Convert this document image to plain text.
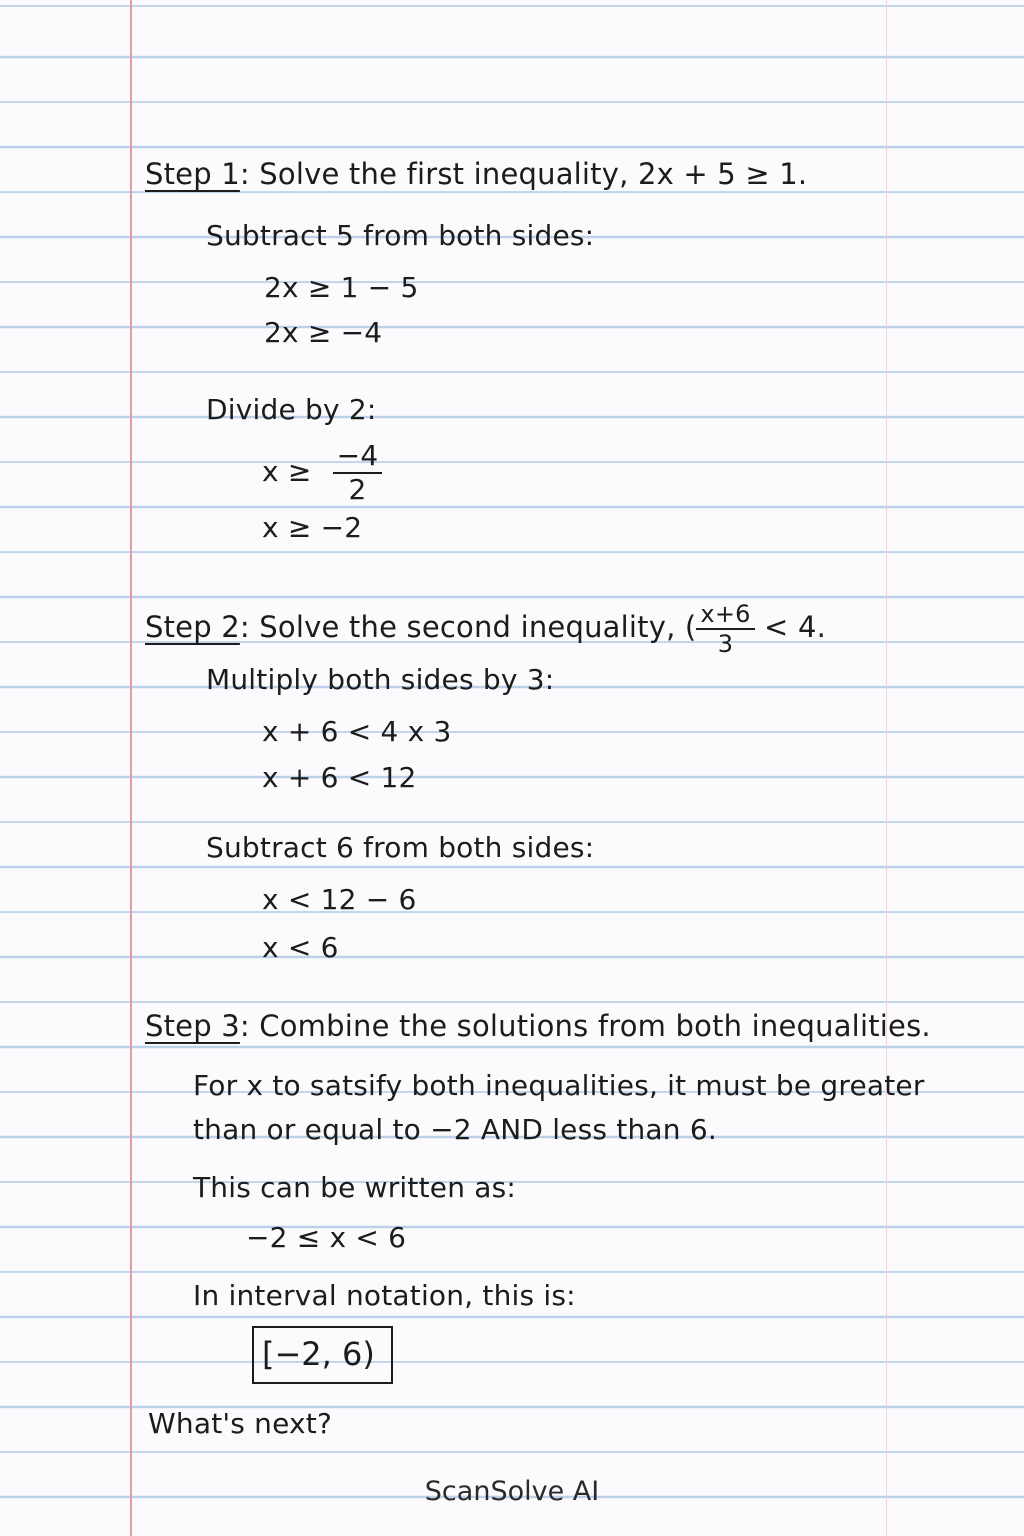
Step 1: Solve the first inequality, 2x + 5 ≥ 1.
Subtract 5 from both sides:
2x ≥ 1 − 5
2x ≥ −4
Divide by 2:
$x \ge \frac{-4}{2}$
x ≥ −2
Step 2: Solve the second inequality, ( $\frac{x+6}{3} < 4$.
Multiply both sides by 3:
x + 6 < 4 x 3
x + 6 < 12
Subtract 6 from both sides:
x < 12 − 6
x < 6
Step 3: Combine the solutions from both inequalities.
For x to satsify both inequalities, it must be greater
than or equal to −2 AND less than 6.
This can be written as:
−2 ≤ x < 6
In interval notation, this is:
[−2, 6)
What's next?
ScanSolve AI
